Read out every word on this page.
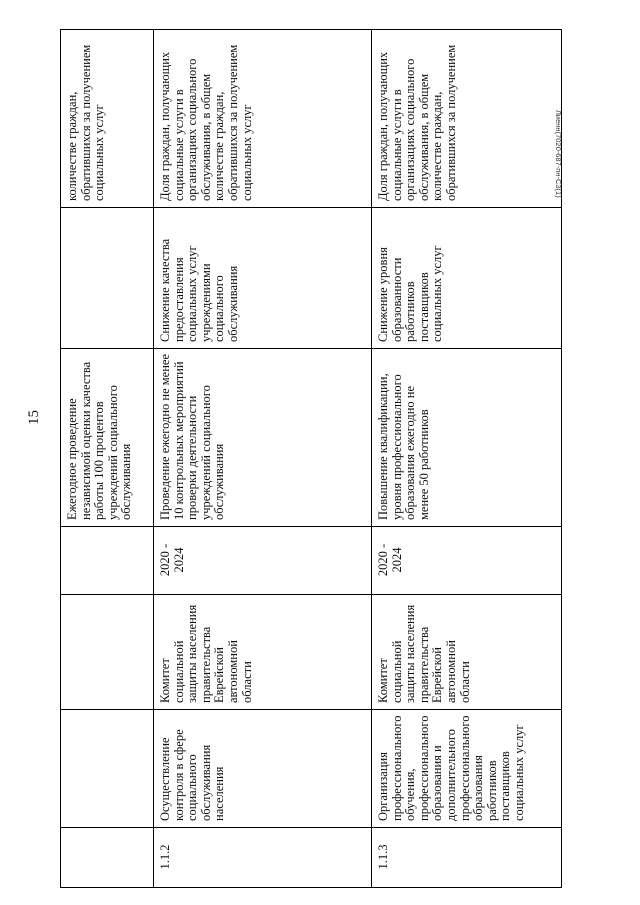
15
Лиенн(7020-687-пн-С3(1)
				Ежегодное проведение независимой оценки качества работы 100 процентов учреждений социального обслуживания		количестве граждан, обратившихся за получением социальных услуг
1.1.2	Осуществление контроля в сфере социального обслуживания населения	Комитет социальной защиты населения правительства Еврейской автономной области	2020 - 2024	Проведение ежегодно не менее 10 контрольных мероприятий проверки деятельности учреждений социального обслуживания	Снижение качества предоставления социальных услуг учреждениями социального обслуживания	Доля граждан, получающих социальные услуги в организациях социального обслуживания, в общем количестве граждан, обратившихся за получением социальных услуг
1.1.3	Организация профессионального обучения, профессионального образования и дополнительного профессионального образования работников поставщиков социальных услуг	Комитет социальной защиты населения правительства Еврейской автономной области	2020 - 2024	Повышение квалификации, уровня профессионального образования ежегодно не менее 50 работников	Снижение уровня образованности работников поставщиков социальных услуг	Доля граждан, получающих социальные услуги в организациях социального обслуживания, в общем количестве граждан, обратившихся за получением
